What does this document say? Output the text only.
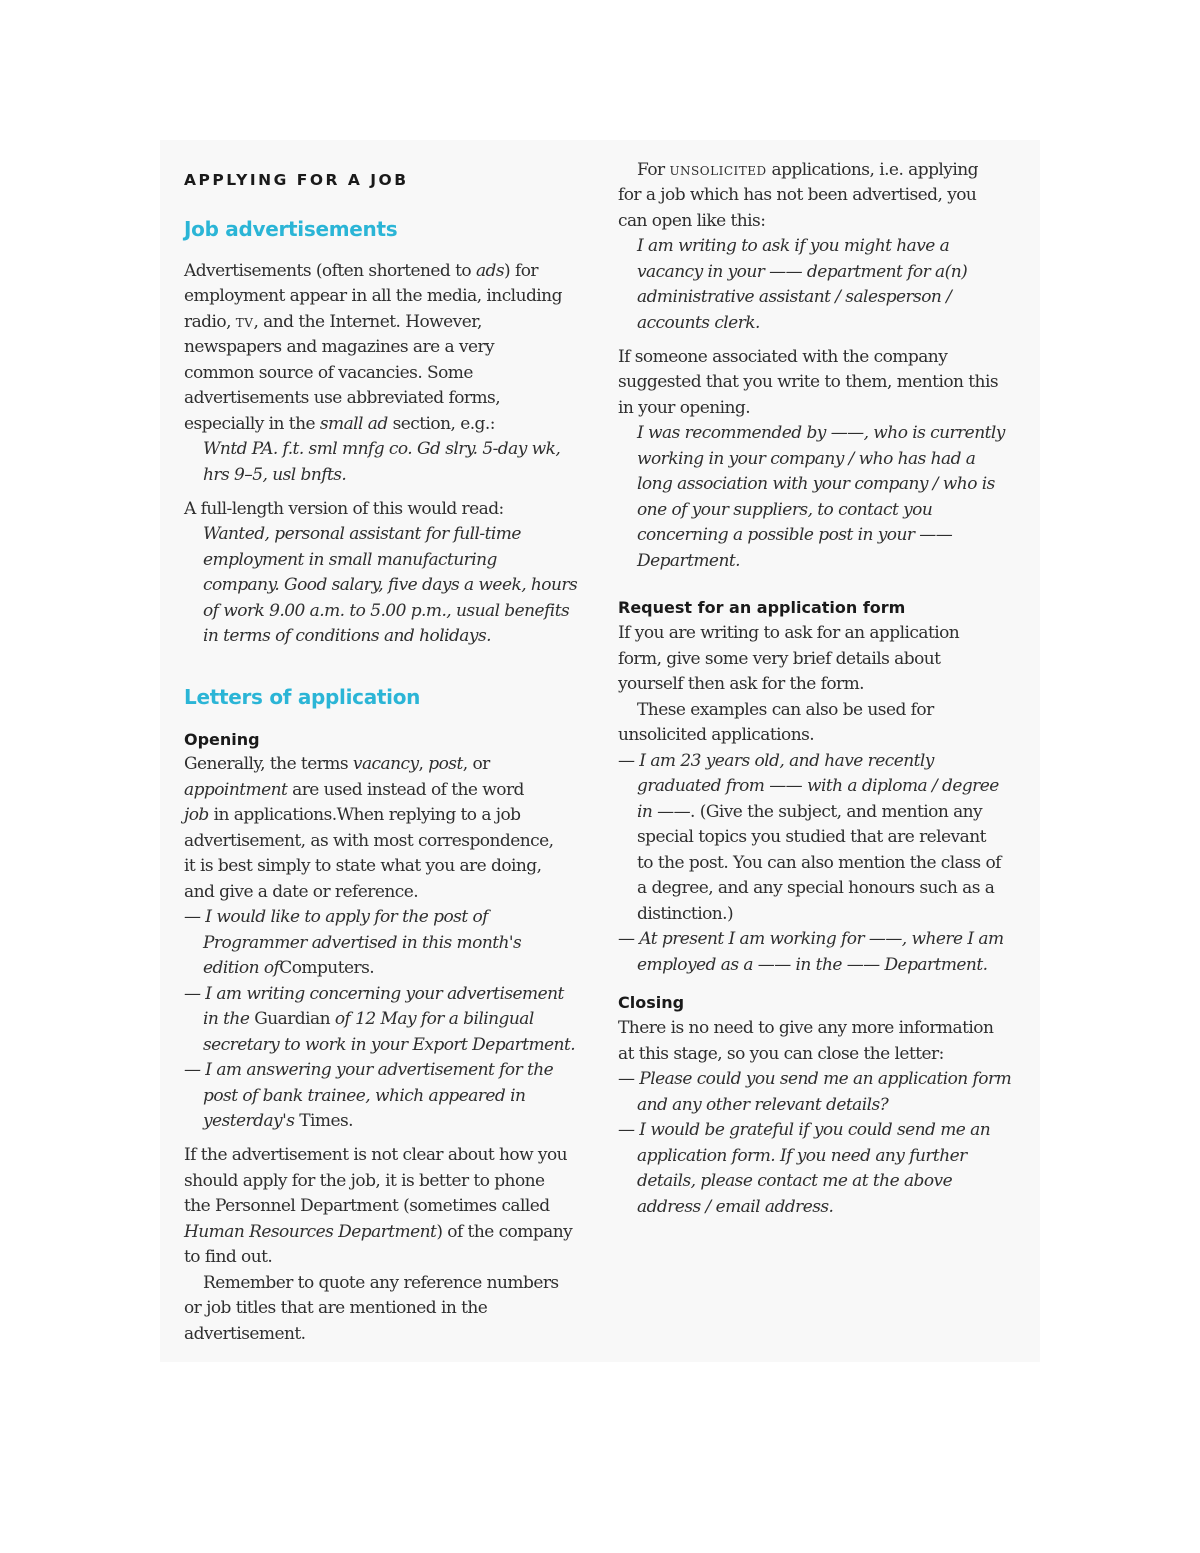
APPLYING FOR A JOB
Job advertisements
Advertisements (often shortened to ads) for
employment appear in all the media, including
radio, tv, and the Internet. However,
newspapers and magazines are a very
common source of vacancies. Some
advertisements use abbreviated forms,
especially in the small ad section, e.g.:
Wntd PA. f.t. sml mnfg co. Gd slry. 5-day wk,
hrs 9–5, usl bnfts.
A full-length version of this would read:
Wanted, personal assistant for full-time
employment in small manufacturing
company. Good salary, five days a week, hours
of work 9.00 a.m. to 5.00 p.m., usual benefits
in terms of conditions and holidays.
Letters of application
Opening
Generally, the terms vacancy, post, or
appointment are used instead of the word
job in applications.When replying to a job
advertisement, as with most correspondence,
it is best simply to state what you are doing,
and give a date or reference.
— I would like to apply for the post of
Programmer advertised in this month's
edition ofComputers.
— I am writing concerning your advertisement
in the Guardian of 12 May for a bilingual
secretary to work in your Export Department.
— I am answering your advertisement for the
post of bank trainee, which appeared in
yesterday's Times.
If the advertisement is not clear about how you
should apply for the job, it is better to phone
the Personnel Department (sometimes called
Human Resources Department) of the company
to find out.
Remember to quote any reference numbers
or job titles that are mentioned in the
advertisement.
For unsolicited applications, i.e. applying
for a job which has not been advertised, you
can open like this:
I am writing to ask if you might have a
vacancy in your —— department for a(n)
administrative assistant / salesperson /
accounts clerk.
If someone associated with the company
suggested that you write to them, mention this
in your opening.
I was recommended by ——, who is currently
working in your company / who has had a
long association with your company / who is
one of your suppliers, to contact you
concerning a possible post in your ——
Department.
Request for an application form
If you are writing to ask for an application
form, give some very brief details about
yourself then ask for the form.
These examples can also be used for
unsolicited applications.
— I am 23 years old, and have recently
graduated from —— with a diploma / degree
in ——. (Give the subject, and mention any
special topics you studied that are relevant
to the post. You can also mention the class of
a degree, and any special honours such as a
distinction.)
— At present I am working for ——, where I am
employed as a —— in the —— Department.
Closing
There is no need to give any more information
at this stage, so you can close the letter:
— Please could you send me an application form
and any other relevant details?
— I would be grateful if you could send me an
application form. If you need any further
details, please contact me at the above
address / email address.
